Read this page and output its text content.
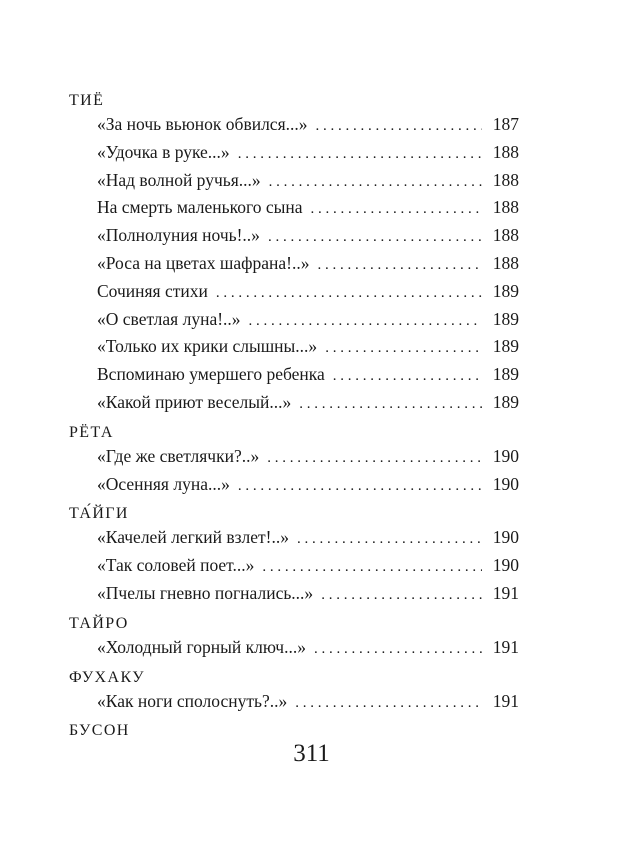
ТИЁ
«За ночь вьюнок обвился...» . . .	187
«Удочка в руке...» . . .	188
«Над волной ручья...» . . .	188
На смерть маленького сына . . .	188
«Полнолуния ночь!..» . . .	188
«Роса на цветах шафрана!..» . . .	188
Сочиняя стихи . . .	189
«О светлая луна!..» . . .	189
«Только их крики слышны...» . . .	189
Вспоминаю умершего ребенка . . .	189
«Какой приют веселый...» . . .	189
РЁТА
«Где же светлячки?..» . . .	190
«Осенняя луна...» . . .	190
ТА́ЙГИ
«Качелей легкий взлет!..» . . .	190
«Так соловей поет...» . . .	190
«Пчелы гневно погнались...» . . .	191
ТАЙРО
«Холодный горный ключ...» . . .	191
ФУХАКУ
«Как ноги сполоснуть?..» . . .	191
БУСОН
311
